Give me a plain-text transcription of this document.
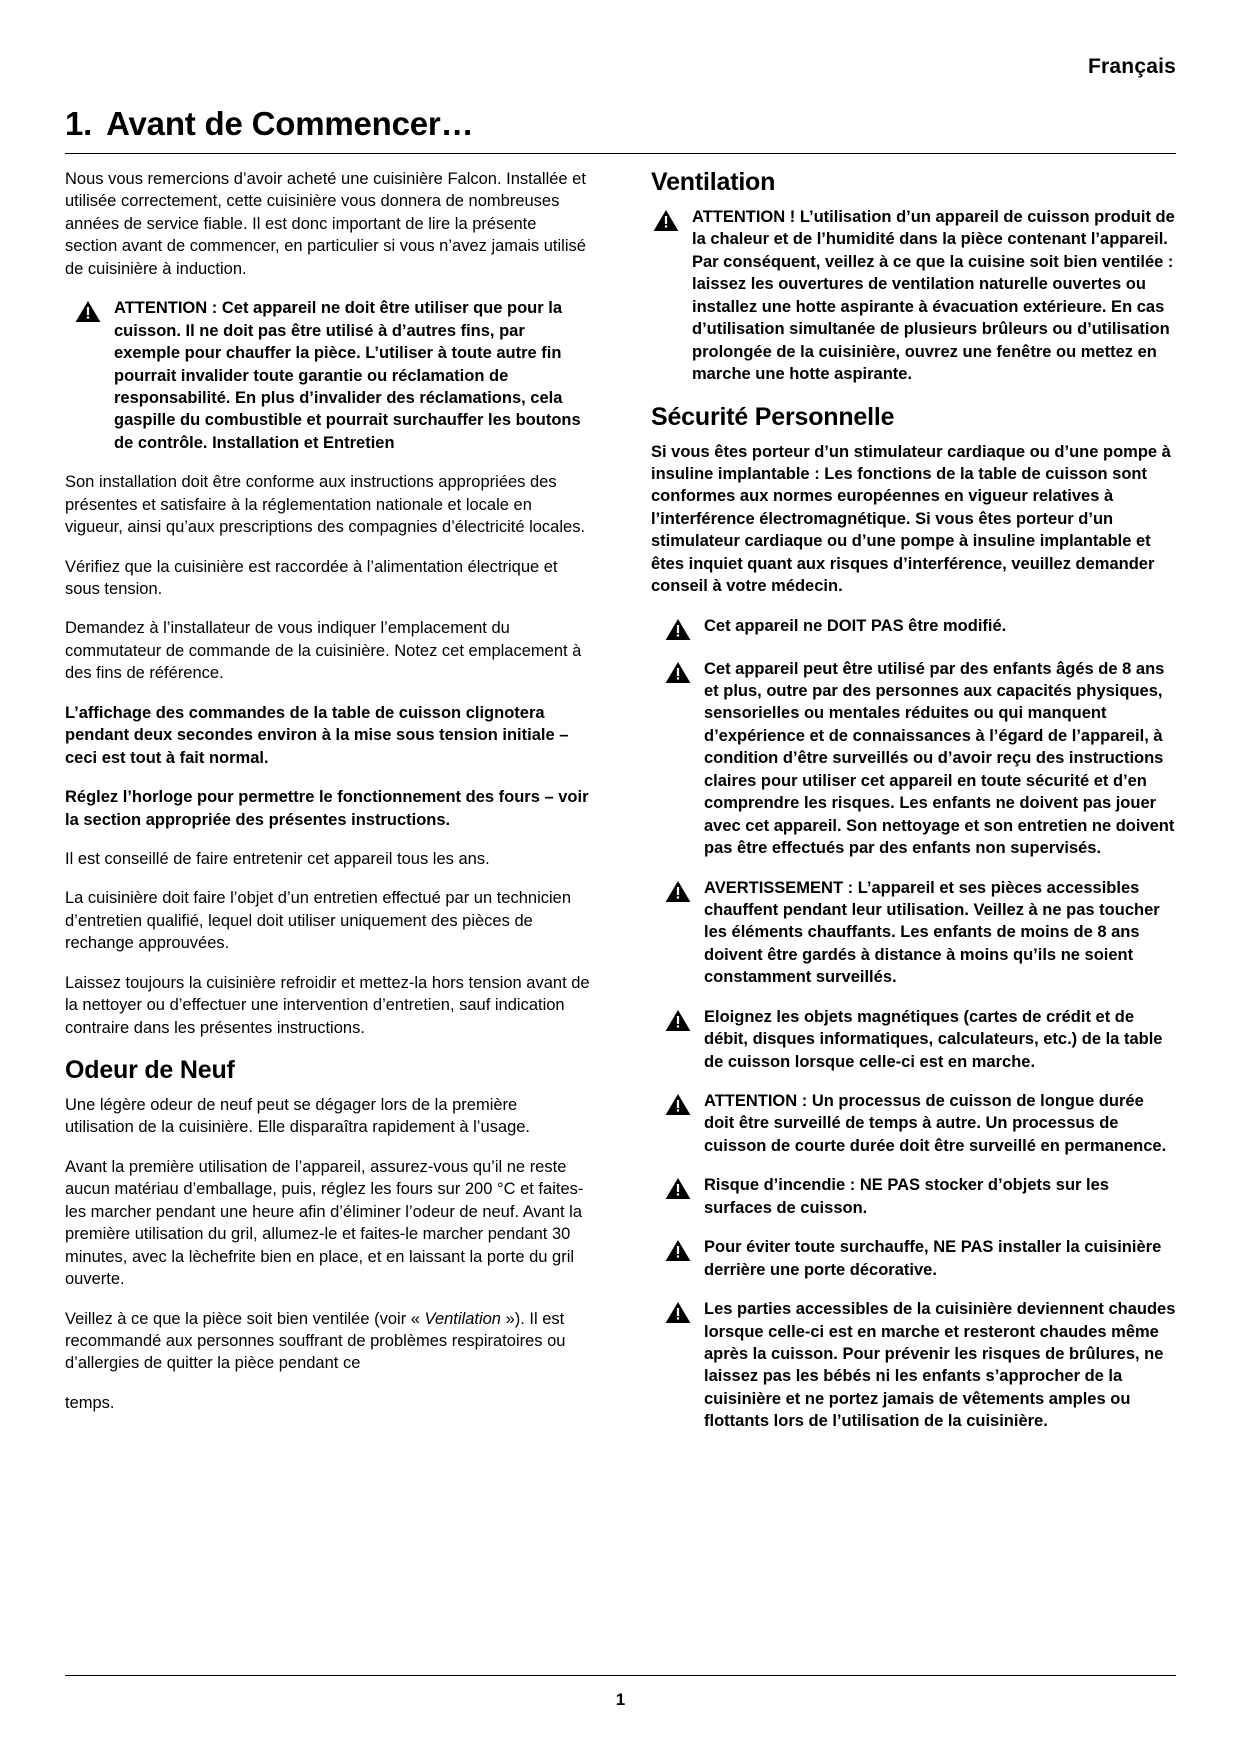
Français
1. Avant de Commencer…

Nous vous remercions d’avoir acheté une cuisinière Falcon. Installée et utilisée correctement, cette cuisinière vous donnera de nombreuses années de service fiable. Il est donc important de lire la présente section avant de commencer, en particulier si vous n’avez jamais utilisé de cuisinière à induction.

ATTENTION : Cet appareil ne doit être utiliser que pour la cuisson. Il ne doit pas être utilisé à d’autres fins, par exemple pour chauffer la pièce. L’utiliser à toute autre fin pourrait invalider toute garantie ou réclamation de responsabilité. En plus d’invalider des réclamations, cela gaspille du combustible et pourrait surchauffer les boutons de contrôle. Installation et Entretien

Son installation doit être conforme aux instructions appropriées des présentes et satisfaire à la réglementation nationale et locale en vigueur, ainsi qu’aux prescriptions des compagnies d’électricité locales.

Vérifiez que la cuisinière est raccordée à l’alimentation électrique et sous tension.

Demandez à l’installateur de vous indiquer l’emplacement du commutateur de commande de la cuisinière. Notez cet emplacement à des fins de référence.

L’affichage des commandes de la table de cuisson clignotera pendant deux secondes environ à la mise sous tension initiale – ceci est tout à fait normal.

Réglez l’horloge pour permettre le fonctionnement des fours – voir la section appropriée des présentes instructions.

Il est conseillé de faire entretenir cet appareil tous les ans.

La cuisinière doit faire l’objet d’un entretien effectué par un technicien d’entretien qualifié, lequel doit utiliser uniquement des pièces de rechange approuvées.

Laissez toujours la cuisinière refroidir et mettez-la hors tension avant de la nettoyer ou d’effectuer une intervention d’entretien, sauf indication contraire dans les présentes instructions.

Odeur de Neuf

Une légère odeur de neuf peut se dégager lors de la première utilisation de la cuisinière. Elle disparaîtra rapidement à l’usage.

Avant la première utilisation de l’appareil, assurez-vous qu’il ne reste aucun matériau d’emballage, puis, réglez les fours sur 200 °C et faites-les marcher pendant une heure afin d’éliminer l’odeur de neuf. Avant la première utilisation du gril, allumez-le et faites-le marcher pendant 30 minutes, avec la lèchefrite bien en place, et en laissant la porte du gril ouverte.

Veillez à ce que la pièce soit bien ventilée (voir « Ventilation »). Il est recommandé aux personnes souffrant de problèmes respiratoires ou d’allergies de quitter la pièce pendant ce

temps.

Ventilation
ATTENTION ! L’utilisation d’un appareil de cuisson produit de la chaleur et de l’humidité dans la pièce contenant l’appareil. Par conséquent, veillez à ce que la cuisine soit bien ventilée : laissez les ouvertures de ventilation naturelle ouvertes ou installez une hotte aspirante à évacuation extérieure. En cas d’utilisation simultanée de plusieurs brûleurs ou d’utilisation prolongée de la cuisinière, ouvrez une fenêtre ou mettez en marche une hotte aspirante.
Sécurité Personnelle

Si vous êtes porteur d’un stimulateur cardiaque ou d’une pompe à insuline implantable : Les fonctions de la table de cuisson sont conformes aux normes européennes en vigueur relatives à l’interférence électromagnétique. Si vous êtes porteur d’un stimulateur cardiaque ou d’une pompe à insuline implantable et êtes inquiet quant aux risques d’interférence, veuillez demander conseil à votre médecin.

Cet appareil ne DOIT PAS être modifié.
Cet appareil peut être utilisé par des enfants âgés de 8 ans et plus, outre par des personnes aux capacités physiques, sensorielles ou mentales réduites ou qui manquent d’expérience et de connaissances à l’égard de l’appareil, à condition d’être surveillés ou d’avoir reçu des instructions claires pour utiliser cet appareil en toute sécurité et d’en comprendre les risques. Les enfants ne doivent pas jouer avec cet appareil. Son nettoyage et son entretien ne doivent pas être effectués par des enfants non supervisés.
AVERTISSEMENT : L’appareil et ses pièces accessibles chauffent pendant leur utilisation. Veillez à ne pas toucher les éléments chauffants. Les enfants de moins de 8 ans doivent être gardés à distance à moins qu’ils ne soient constamment surveillés.
Eloignez les objets magnétiques (cartes de crédit et de débit, disques informatiques, calculateurs, etc.) de la table de cuisson lorsque celle-ci est en marche.
ATTENTION : Un processus de cuisson de longue durée doit être surveillé de temps à autre. Un processus de cuisson de courte durée doit être surveillé en permanence.
Risque d’incendie : NE PAS stocker d’objets sur les surfaces de cuisson.
Pour éviter toute surchauffe, NE PAS installer la cuisinière derrière une porte décorative.
Les parties accessibles de la cuisinière deviennent chaudes lorsque celle-ci est en marche et resteront chaudes même après la cuisson. Pour prévenir les risques de brûlures, ne laissez pas les bébés ni les enfants s’approcher de la cuisinière et ne portez jamais de vêtements amples ou flottants lors de l’utilisation de la cuisinière.
1
